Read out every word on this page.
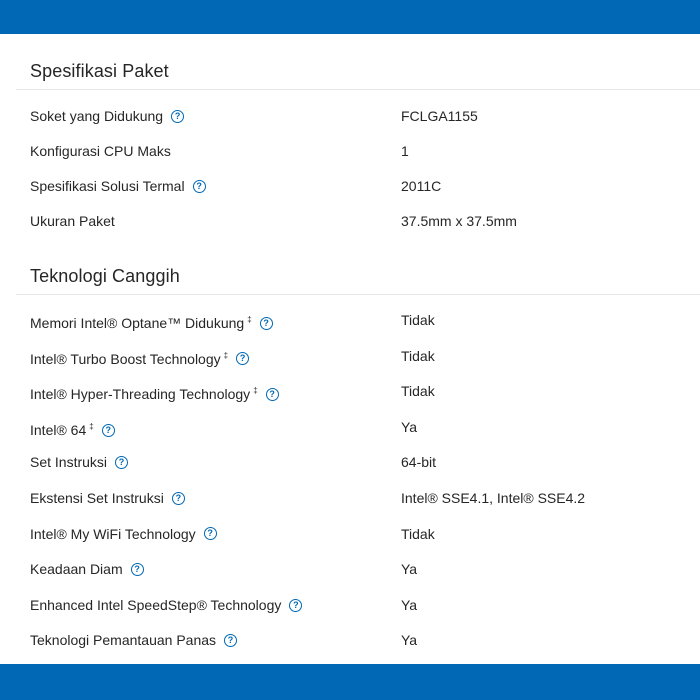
Spesifikasi Paket
Soket yang Didukung ?	FCLGA1155
Konfigurasi CPU Maks	1
Spesifikasi Solusi Termal ?	2011C
Ukuran Paket	37.5mm x 37.5mm
Teknologi Canggih
Memori Intel® Optane™ Didukung ‡ ?	Tidak
Intel® Turbo Boost Technology ‡ ?	Tidak
Intel® Hyper-Threading Technology ‡ ?	Tidak
Intel® 64 ‡ ?	Ya
Set Instruksi ?	64-bit
Ekstensi Set Instruksi ?	Intel® SSE4.1, Intel® SSE4.2
Intel® My WiFi Technology ?	Tidak
Keadaan Diam ?	Ya
Enhanced Intel SpeedStep® Technology ?	Ya
Teknologi Pemantauan Panas ?	Ya
